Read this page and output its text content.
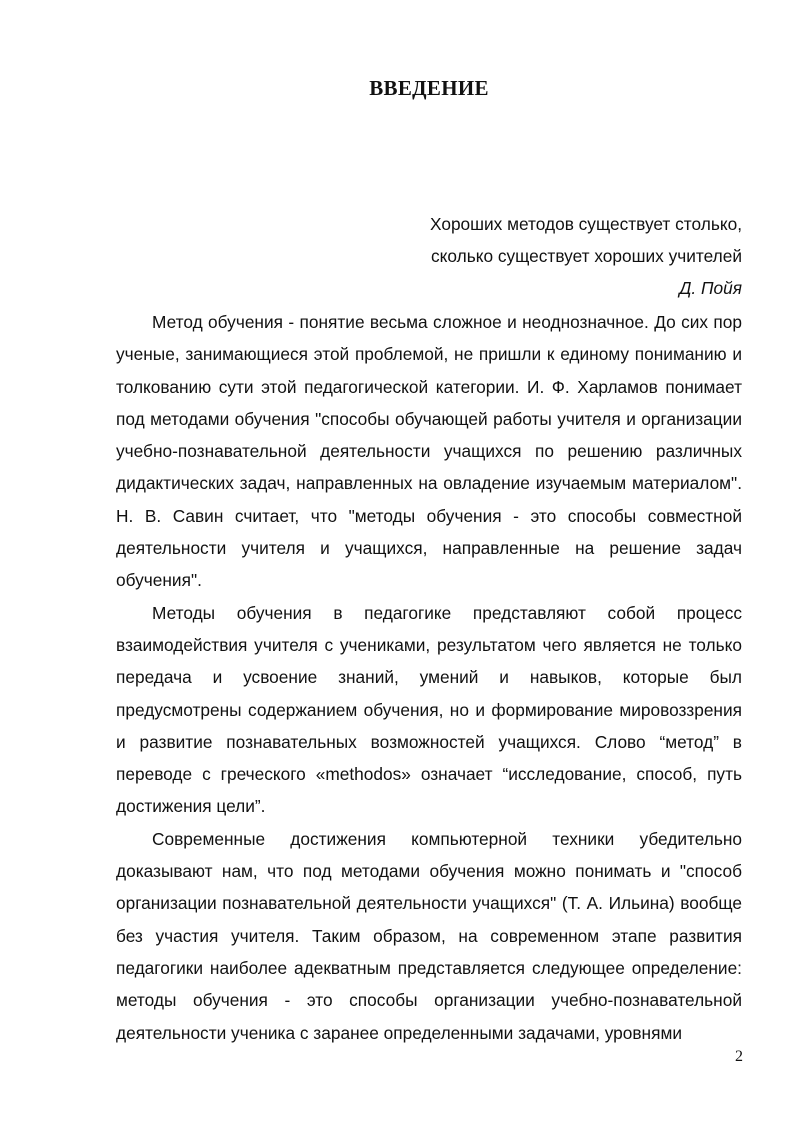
ВВЕДЕНИЕ
Хороших методов существует столько,
сколько существует хороших учителей
Д. Пойя

Метод обучения - понятие весьма сложное и неоднозначное. До сих пор ученые, занимающиеся этой проблемой, не пришли к единому пониманию и толкованию сути этой педагогической категории. И. Ф. Харламов понимает под методами обучения "способы обучающей работы учителя и организации учебно-познавательной деятельности учащихся по решению различных дидактических задач, направленных на овладение изучаемым материалом". Н. В. Савин считает, что "методы обучения - это способы совместной деятельности учителя и учащихся, направленные на решение задач обучения".

Методы обучения в педагогике представляют собой процесс взаимодействия учителя с учениками, результатом чего является не только передача и усвоение знаний, умений и навыков, которые был предусмотрены содержанием обучения, но и формирование мировоззрения и развитие познавательных возможностей учащихся. Слово “метод” в переводе с греческого «methodos» означает “исследование, способ, путь достижения цели”.

Современные достижения компьютерной техники убедительно доказывают нам, что под методами обучения можно понимать и "способ организации познавательной деятельности учащихся" (Т. А. Ильина) вообще без участия учителя. Таким образом, на современном этапе развития педагогики наиболее адекватным представляется следующее определение: методы обучения - это способы организации учебно-познавательной деятельности ученика с заранее определенными задачами, уровнями

2
